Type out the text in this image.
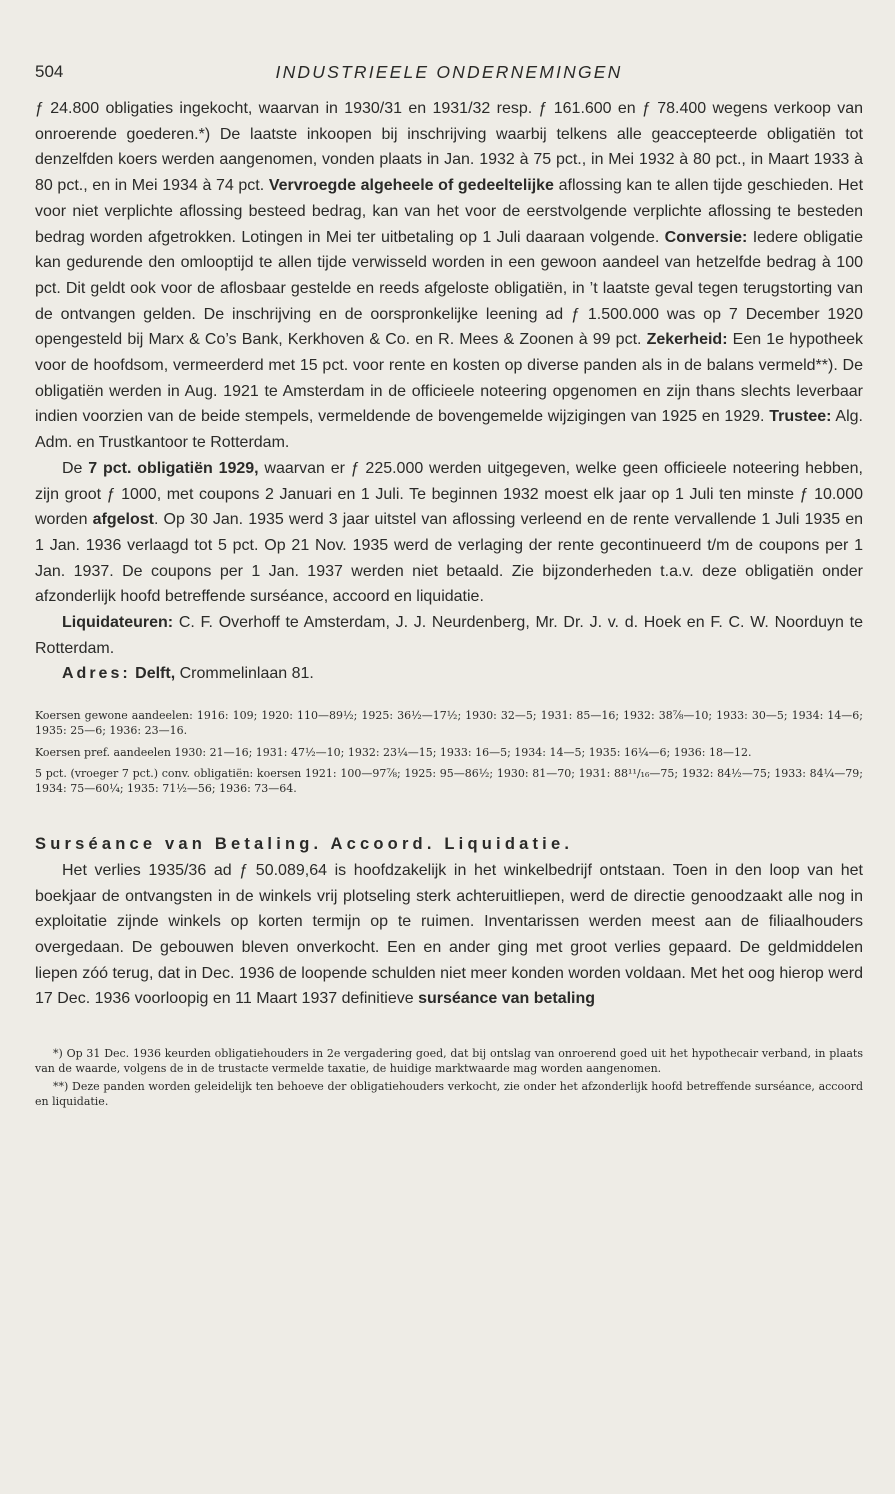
504	INDUSTRIEELE ONDERNEMINGEN

ƒ 24.800 obligaties ingekocht, waarvan in 1930/31 en 1931/32 resp. ƒ 161.600 en ƒ 78.400 wegens verkoop van onroerende goederen.*) De laatste inkoopen bij inschrijving waarbij telkens alle geaccepteerde obligatiën tot denzelfden koers werden aangenomen, vonden plaats in Jan. 1932 à 75 pct., in Mei 1932 à 80 pct., in Maart 1933 à 80 pct., en in Mei 1934 à 74 pct. Vervroegde algeheele of gedeeltelijke aflossing kan te allen tijde geschieden. Het voor niet verplichte aflossing besteed bedrag, kan van het voor de eerstvolgende verplichte aflossing te besteden bedrag worden afgetrokken. Lotingen in Mei ter uitbetaling op 1 Juli daaraan volgende. Conversie: Iedere obligatie kan gedurende den omlooptijd te allen tijde verwisseld worden in een gewoon aandeel van hetzelfde bedrag à 100 pct. Dit geldt ook voor de aflosbaar gestelde en reeds afgeloste obligatiën, in ’t laatste geval tegen terugstorting van de ontvangen gelden. De inschrijving en de oorspronkelijke leening ad ƒ 1.500.000 was op 7 December 1920 opengesteld bij Marx & Co’s Bank, Kerkhoven & Co. en R. Mees & Zoonen à 99 pct. Zekerheid: Een 1e hypotheek voor de hoofdsom, vermeerderd met 15 pct. voor rente en kosten op diverse panden als in de balans vermeld**). De obligatiën werden in Aug. 1921 te Amsterdam in de officieele noteering opgenomen en zijn thans slechts leverbaar indien voorzien van de beide stempels, vermeldende de bovengemelde wijzigingen van 1925 en 1929. Trustee: Alg. Adm. en Trustkantoor te Rotterdam.

De 7 pct. obligatiën 1929, waarvan er ƒ 225.000 werden uitgegeven, welke geen officieele noteering hebben, zijn groot ƒ 1000, met coupons 2 Januari en 1 Juli. Te beginnen 1932 moest elk jaar op 1 Juli ten minste ƒ 10.000 worden afgelost. Op 30 Jan. 1935 werd 3 jaar uitstel van aflossing verleend en de rente vervallende 1 Juli 1935 en 1 Jan. 1936 verlaagd tot 5 pct. Op 21 Nov. 1935 werd de verlaging der rente gecontinueerd t/m de coupons per 1 Jan. 1937. De coupons per 1 Jan. 1937 werden niet betaald. Zie bijzonderheden t.a.v. deze obligatiën onder afzonderlijk hoofd betreffende surséance, accoord en liquidatie.

Liquidateuren: C. F. Overhoff te Amsterdam, J. J. Neurdenberg, Mr. Dr. J. v. d. Hoek en F. C. W. Noorduyn te Rotterdam.

Adres: Delft, Crommelinlaan 81.

Koersen gewone aandeelen: 1916: 109; 1920: 110—89½; 1925: 36½—17½; 1930: 32—5; 1931: 85—16; 1932: 38⅞—10; 1933: 30—5; 1934: 14—6; 1935: 25—6; 1936: 23—16.

Koersen pref. aandeelen 1930: 21—16; 1931: 47½—10; 1932: 23¼—15; 1933: 16—5; 1934: 14—5; 1935: 16¼—6; 1936: 18—12.

5 pct. (vroeger 7 pct.) conv. obligatiën: koersen 1921: 100—97⅞; 1925: 95—86½; 1930: 81—70; 1931: 88¹¹/₁₆—75; 1932: 84½—75; 1933: 84¼—79; 1934: 75—60¼; 1935: 71½—56; 1936: 73—64.

Surséance van Betaling. Accoord. Liquidatie.

Het verlies 1935/36 ad ƒ 50.089,64 is hoofdzakelijk in het winkelbedrijf ontstaan. Toen in den loop van het boekjaar de ontvangsten in de winkels vrij plotseling sterk achteruitliepen, werd de directie genoodzaakt alle nog in exploitatie zijnde winkels op korten termijn op te ruimen. Inventarissen werden meest aan de filiaalhouders overgedaan. De gebouwen bleven onverkocht. Een en ander ging met groot verlies gepaard. De geldmiddelen liepen zóó terug, dat in Dec. 1936 de loopende schulden niet meer konden worden voldaan. Met het oog hierop werd 17 Dec. 1936 voorloopig en 11 Maart 1937 definitieve surséance van betaling

*) Op 31 Dec. 1936 keurden obligatiehouders in 2e vergadering goed, dat bij ontslag van onroerend goed uit het hypothecair verband, in plaats van de waarde, volgens de in de trustacte vermelde taxatie, de huidige marktwaarde mag worden aangenomen.

**) Deze panden worden geleidelijk ten behoeve der obligatiehouders verkocht, zie onder het afzonderlijk hoofd betreffende surséance, accoord en liquidatie.
